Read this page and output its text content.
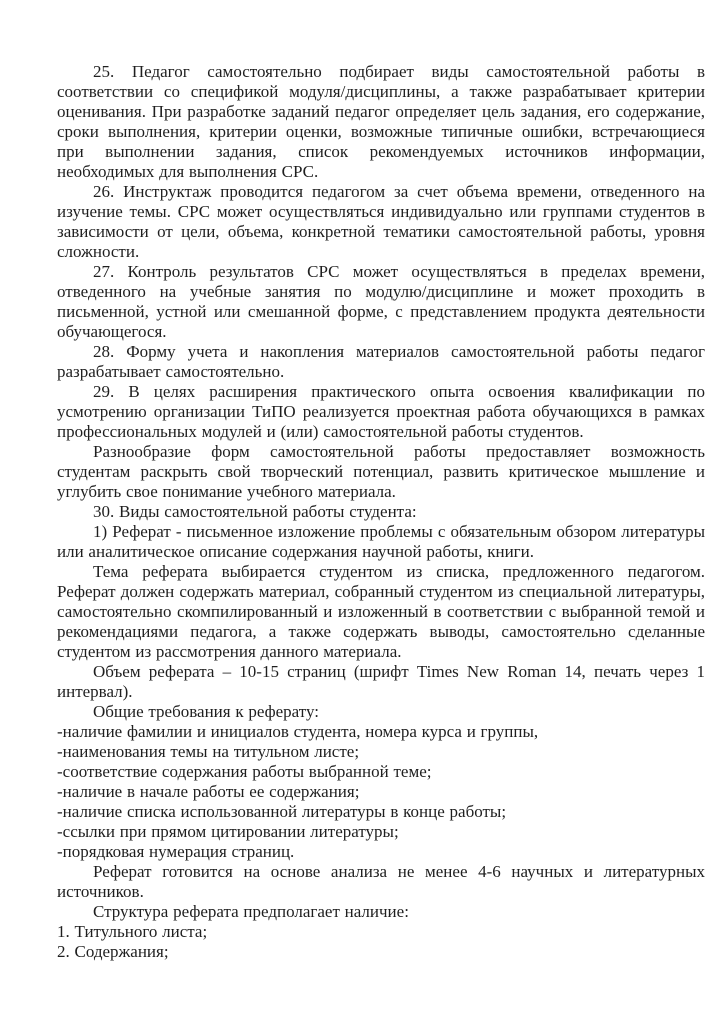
25. Педагог самостоятельно подбирает виды самостоятельной работы в соответствии со спецификой модуля/дисциплины, а также разрабатывает критерии оценивания. При разработке заданий педагог определяет цель задания, его содержание, сроки выполнения, критерии оценки, возможные типичные ошибки, встречающиеся при выполнении задания, список рекомендуемых источников информации, необходимых для выполнения СРС.

26. Инструктаж проводится педагогом за счет объема времени, отведенного на изучение темы. СРС может осуществляться индивидуально или группами студентов в зависимости от цели, объема, конкретной тематики самостоятельной работы, уровня сложности.

27. Контроль результатов СРС может осуществляться в пределах времени, отведенного на учебные занятия по модулю/дисциплине и может проходить в письменной, устной или смешанной форме, с представлением продукта деятельности обучающегося.

28. Форму учета и накопления материалов самостоятельной работы педагог разрабатывает самостоятельно.

29. В целях расширения практического опыта освоения квалификации по усмотрению организации ТиПО реализуется проектная работа обучающихся в рамках профессиональных модулей и (или) самостоятельной работы студентов.

Разнообразие форм самостоятельной работы предоставляет возможность студентам раскрыть свой творческий потенциал, развить критическое мышление и углубить свое понимание учебного материала.

30. Виды самостоятельной работы студента:

1) Реферат - письменное изложение проблемы с обязательным обзором литературы или аналитическое описание содержания научной работы, книги.

Тема реферата выбирается студентом из списка, предложенного педагогом. Реферат должен содержать материал, собранный студентом из специальной литературы, самостоятельно скомпилированный и изложенный в соответствии с выбранной темой и рекомендациями педагога, а также содержать выводы, самостоятельно сделанные студентом из рассмотрения данного материала.

Объем реферата – 10-15 страниц (шрифт Times New Roman 14, печать через 1 интервал).

Общие требования к реферату:

-наличие фамилии и инициалов студента, номера курса и группы,

-наименования темы на титульном листе;

-соответствие содержания работы выбранной теме;

-наличие в начале работы ее содержания;

-наличие списка использованной литературы в конце работы;

-ссылки при прямом цитировании литературы;

-порядковая нумерация страниц.

Реферат готовится на основе анализа не менее 4-6 научных и литературных источников.

Структура реферата предполагает наличие:

1. Титульного листа;

2. Содержания;
